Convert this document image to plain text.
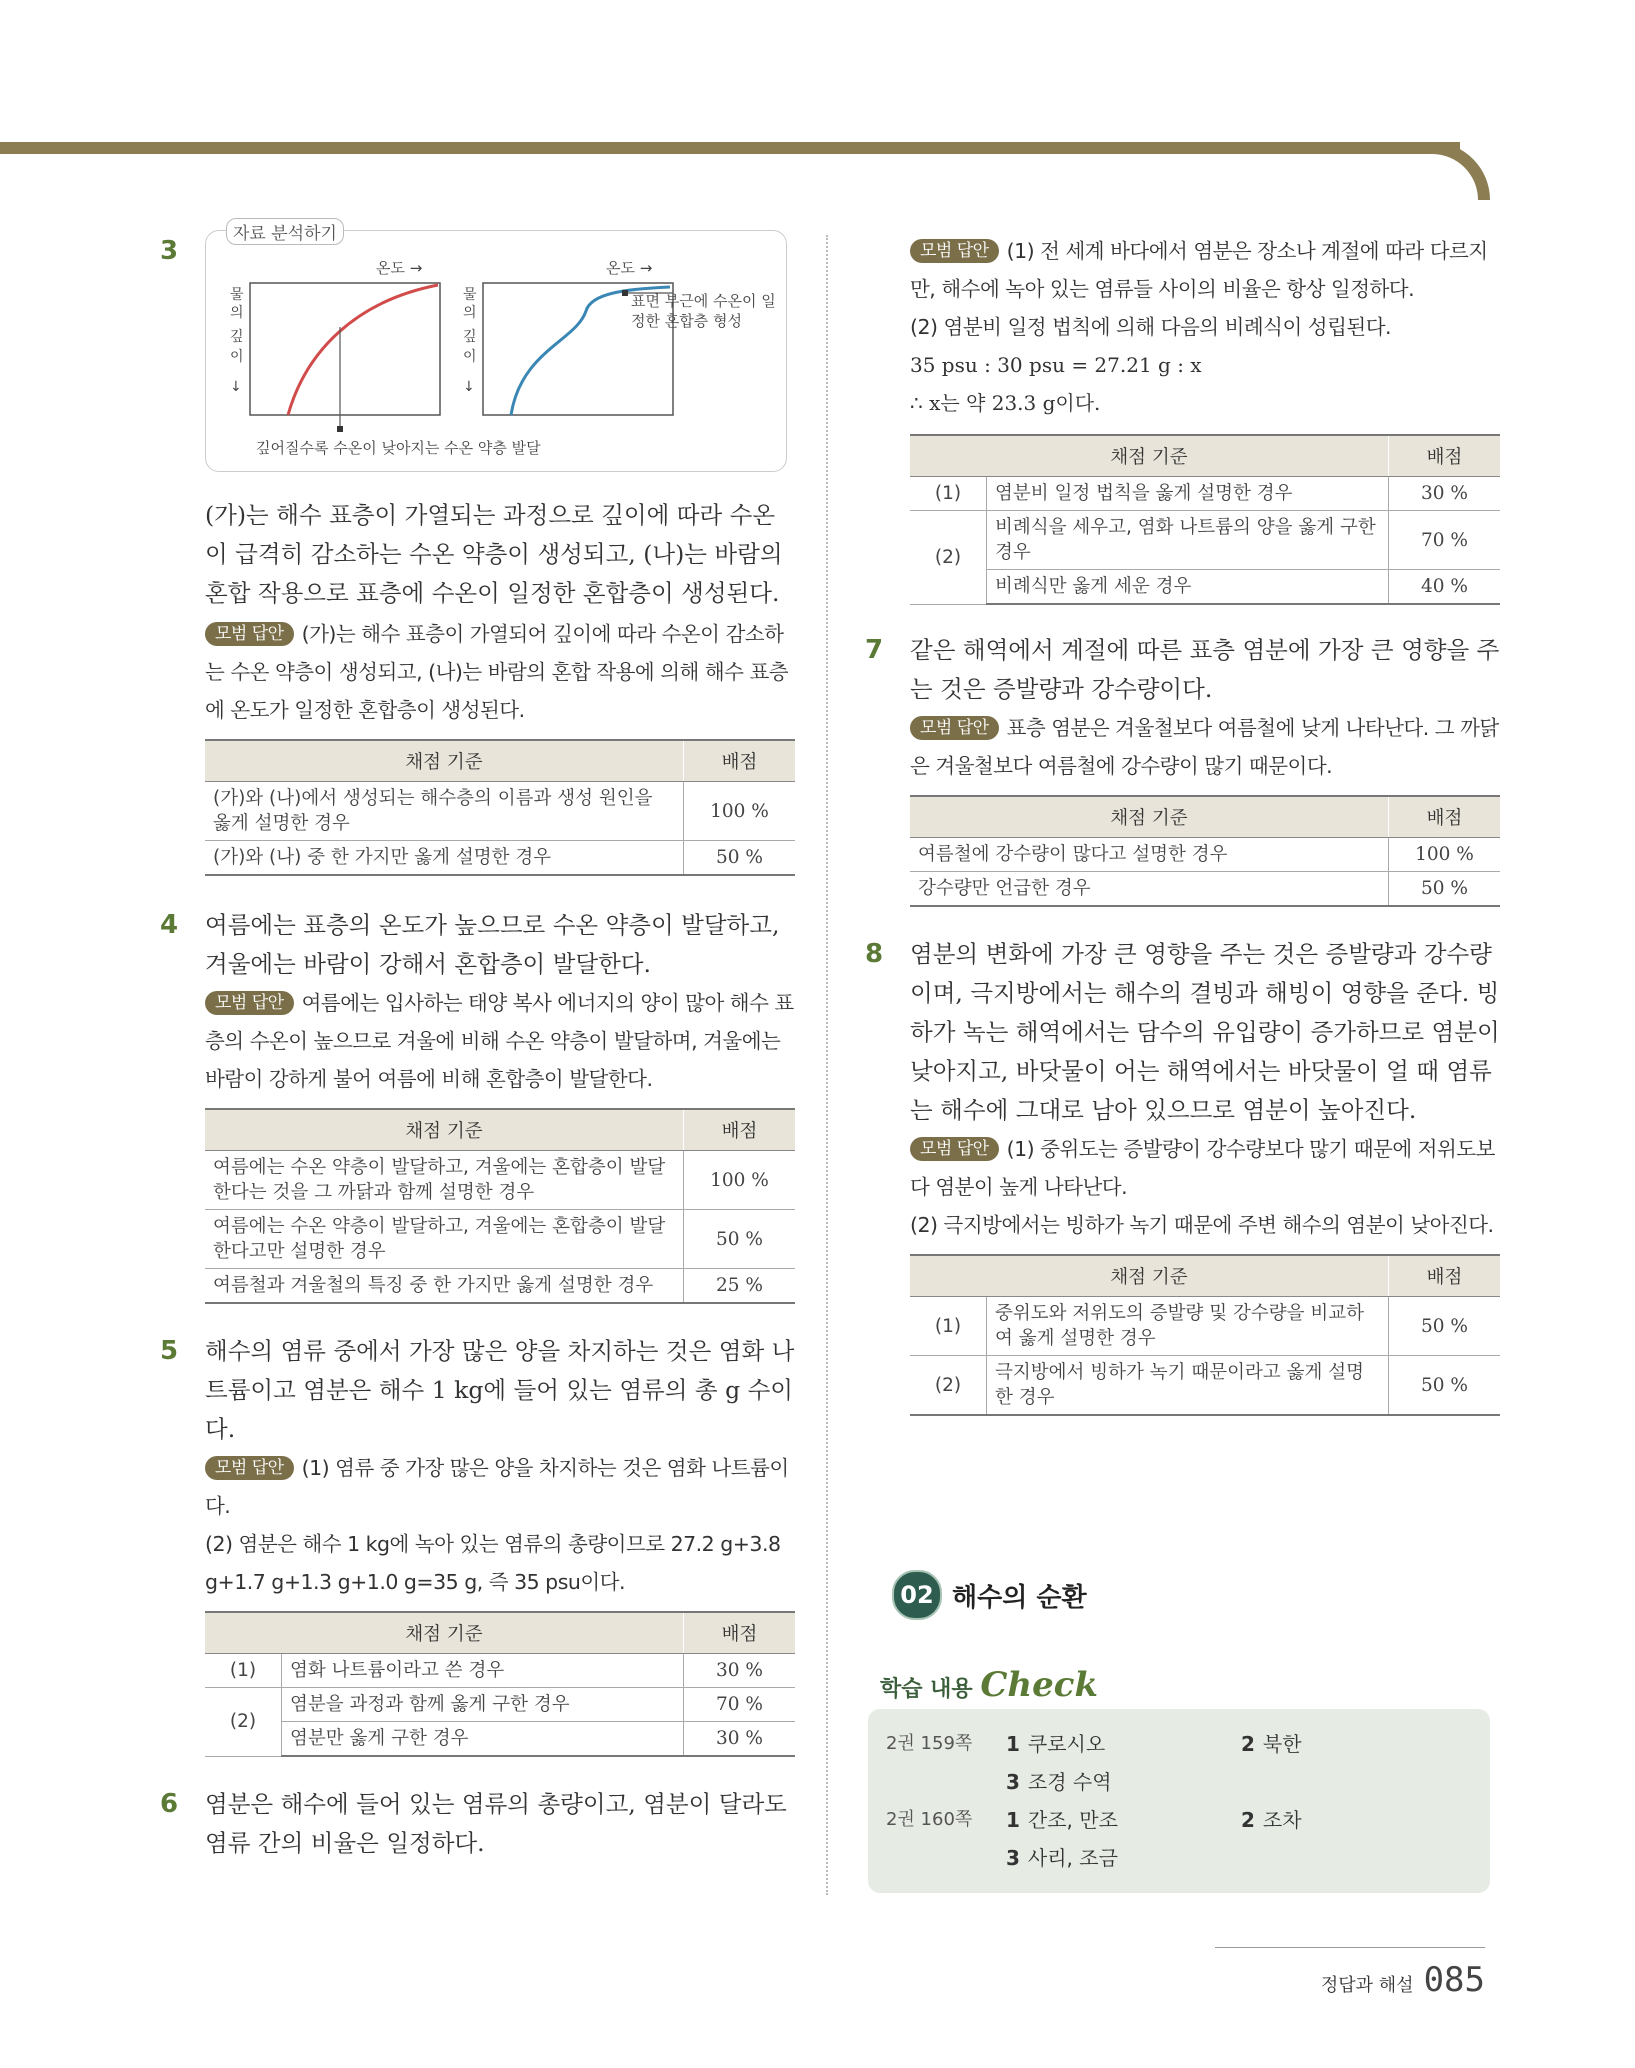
3
자료 분석하기
온도 →	온도 →
물
의
깊
이
↓
물
의
깊
이
↓
깊어질수록 수온이 낮아지는 수온 약층 발달
표면 부근에 수온이 일정한 혼합층 형성

(가)는 해수 표층이 가열되는 과정으로 깊이에 따라 수온이 급격히 감소하는 수온 약층이 생성되고, (나)는 바람의 혼합 작용으로 표층에 수온이 일정한 혼합층이 생성된다.

모범 답안 (가)는 해수 표층이 가열되어 깊이에 따라 수온이 감소하는 수온 약층이 생성되고, (나)는 바람의 혼합 작용에 의해 해수 표층에 온도가 일정한 혼합층이 생성된다.

채점 기준	배점
(가)와 (나)에서 생성되는 해수층의 이름과 생성 원인을 옳게 설명한 경우	100 %
(가)와 (나) 중 한 가지만 옳게 설명한 경우	50 %
4 여름에는 표층의 온도가 높으므로 수온 약층이 발달하고, 겨울에는 바람이 강해서 혼합층이 발달한다.

모범 답안 여름에는 입사하는 태양 복사 에너지의 양이 많아 해수 표층의 수온이 높으므로 겨울에 비해 수온 약층이 발달하며, 겨울에는 바람이 강하게 불어 여름에 비해 혼합층이 발달한다.

채점 기준	배점
여름에는 수온 약층이 발달하고, 겨울에는 혼합층이 발달한다는 것을 그 까닭과 함께 설명한 경우	100 %
여름에는 수온 약층이 발달하고, 겨울에는 혼합층이 발달한다고만 설명한 경우	50 %
여름철과 겨울철의 특징 중 한 가지만 옳게 설명한 경우	25 %
5 해수의 염류 중에서 가장 많은 양을 차지하는 것은 염화 나트륨이고 염분은 해수 1 kg에 들어 있는 염류의 총 g 수이다.

모범 답안 (1) 염류 중 가장 많은 양을 차지하는 것은 염화 나트륨이다.

(2) 염분은 해수 1 kg에 녹아 있는 염류의 총량이므로 27.2 g+3.8 g+1.7 g+1.3 g+1.0 g=35 g, 즉 35 psu이다.

채점 기준		배점
(1)	염화 나트륨이라고 쓴 경우	30 %
(2)	염분을 과정과 함께 옳게 구한 경우	70 %
	염분만 옳게 구한 경우	30 %
6 염분은 해수에 들어 있는 염류의 총량이고, 염분이 달라도 염류 간의 비율은 일정하다.

모범 답안 (1) 전 세계 바다에서 염분은 장소나 계절에 따라 다르지만, 해수에 녹아 있는 염류들 사이의 비율은 항상 일정하다.

(2) 염분비 일정 법칙에 의해 다음의 비례식이 성립된다.

35 psu : 30 psu = 27.21 g : x

∴ x는 약 23.3 g이다.

채점 기준		배점
(1)	염분비 일정 법칙을 옳게 설명한 경우	30 %
(2)	비례식을 세우고, 염화 나트륨의 양을 옳게 구한 경우	70 %
	비례식만 옳게 세운 경우	40 %
7 같은 해역에서 계절에 따른 표층 염분에 가장 큰 영향을 주는 것은 증발량과 강수량이다.

모범 답안 표층 염분은 겨울철보다 여름철에 낮게 나타난다. 그 까닭은 겨울철보다 여름철에 강수량이 많기 때문이다.

채점 기준	배점
여름철에 강수량이 많다고 설명한 경우	100 %
강수량만 언급한 경우	50 %
8 염분의 변화에 가장 큰 영향을 주는 것은 증발량과 강수량이며, 극지방에서는 해수의 결빙과 해빙이 영향을 준다. 빙하가 녹는 해역에서는 담수의 유입량이 증가하므로 염분이 낮아지고, 바닷물이 어는 해역에서는 바닷물이 얼 때 염류는 해수에 그대로 남아 있으므로 염분이 높아진다.

모범 답안 (1) 중위도는 증발량이 강수량보다 많기 때문에 저위도보다 염분이 높게 나타난다.

(2) 극지방에서는 빙하가 녹기 때문에 주변 해수의 염분이 낮아진다.

채점 기준		배점
(1)	중위도와 저위도의 증발량 및 강수량을 비교하여 옳게 설명한 경우	50 %
(2)	극지방에서 빙하가 녹기 때문이라고 옳게 설명한 경우	50 %
02 해수의 순환
학습 내용 Check
2권 159쪽	1 쿠로시오	2 북한
3 조경 수역
2권 160쪽	1 간조, 만조	2 조차
3 사리, 조금
정답과 해설 085
